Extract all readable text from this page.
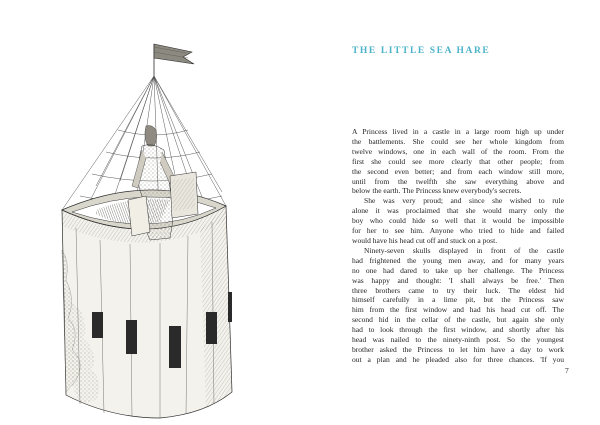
THE LITTLE SEA HARE
A Princess lived in a castle in a large room high up under
the battlements. She could see her whole kingdom from
twelve windows, one in each wall of the room. From the
first she could see more clearly that other people; from
the second even better; and from each window still more,
until from the twelfth she saw everything above and
below the earth. The Princess knew everybody's secrets.
She was very proud; and since she wished to rule
alone it was proclaimed that she would marry only the
boy who could hide so well that it would be impossible
for her to see him. Anyone who tried to hide and failed
would have his head cut off and stuck on a post.
Ninety-seven skulls displayed in front of the castle
had frightened the young men away, and for many years
no one had dared to take up her challenge. The Princess
was happy and thought: 'I shall always be free.' Then
three brothers came to try their luck. The eldest hid
himself carefully in a lime pit, but the Princess saw
him from the first window and had his head cut off. The
second hid in the cellar of the castle, but again she only
had to look through the first window, and shortly after his
head was nailed to the ninety-ninth post. So the youngest
brother asked the Princess to let him have a day to work
out a plan and he pleaded also for three chances. 'If you
7
